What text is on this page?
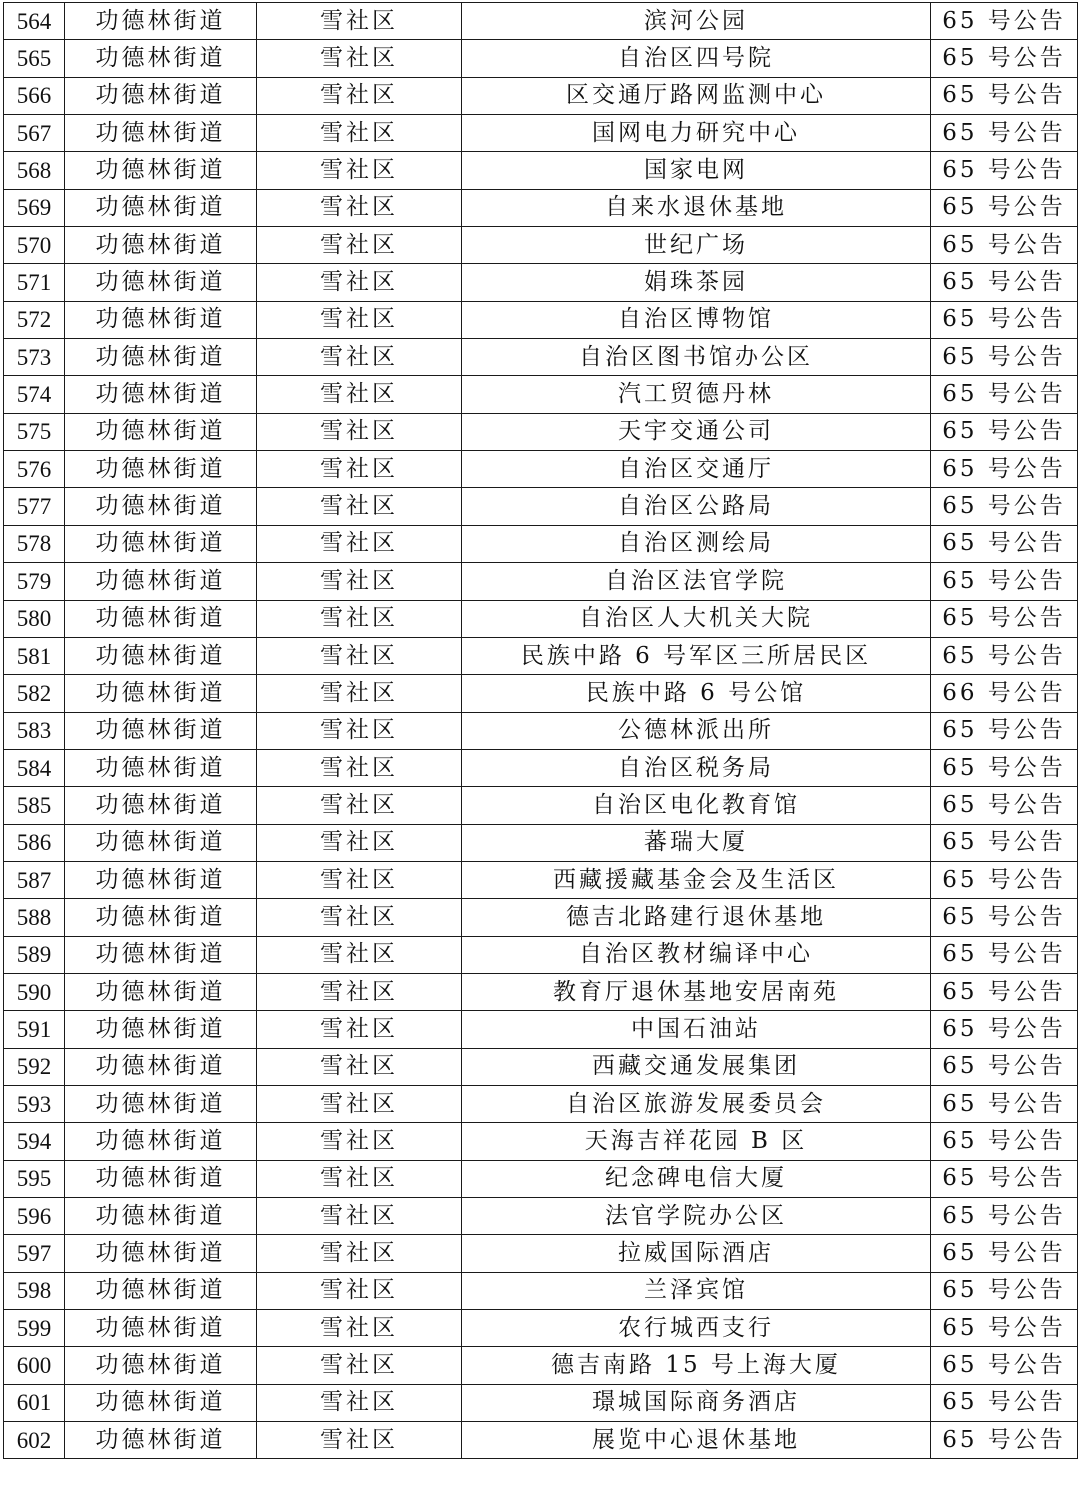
564	功德林街道	雪社区	滨河公园	65 号公告
565	功德林街道	雪社区	自治区四号院	65 号公告
566	功德林街道	雪社区	区交通厅路网监测中心	65 号公告
567	功德林街道	雪社区	国网电力研究中心	65 号公告
568	功德林街道	雪社区	国家电网	65 号公告
569	功德林街道	雪社区	自来水退休基地	65 号公告
570	功德林街道	雪社区	世纪广场	65 号公告
571	功德林街道	雪社区	娟珠茶园	65 号公告
572	功德林街道	雪社区	自治区博物馆	65 号公告
573	功德林街道	雪社区	自治区图书馆办公区	65 号公告
574	功德林街道	雪社区	汽工贸德丹林	65 号公告
575	功德林街道	雪社区	天宇交通公司	65 号公告
576	功德林街道	雪社区	自治区交通厅	65 号公告
577	功德林街道	雪社区	自治区公路局	65 号公告
578	功德林街道	雪社区	自治区测绘局	65 号公告
579	功德林街道	雪社区	自治区法官学院	65 号公告
580	功德林街道	雪社区	自治区人大机关大院	65 号公告
581	功德林街道	雪社区	民族中路 6 号军区三所居民区	65 号公告
582	功德林街道	雪社区	民族中路 6 号公馆	66 号公告
583	功德林街道	雪社区	公德林派出所	65 号公告
584	功德林街道	雪社区	自治区税务局	65 号公告
585	功德林街道	雪社区	自治区电化教育馆	65 号公告
586	功德林街道	雪社区	蕃瑞大厦	65 号公告
587	功德林街道	雪社区	西藏援藏基金会及生活区	65 号公告
588	功德林街道	雪社区	德吉北路建行退休基地	65 号公告
589	功德林街道	雪社区	自治区教材编译中心	65 号公告
590	功德林街道	雪社区	教育厅退休基地安居南苑	65 号公告
591	功德林街道	雪社区	中国石油站	65 号公告
592	功德林街道	雪社区	西藏交通发展集团	65 号公告
593	功德林街道	雪社区	自治区旅游发展委员会	65 号公告
594	功德林街道	雪社区	天海吉祥花园 B 区	65 号公告
595	功德林街道	雪社区	纪念碑电信大厦	65 号公告
596	功德林街道	雪社区	法官学院办公区	65 号公告
597	功德林街道	雪社区	拉威国际酒店	65 号公告
598	功德林街道	雪社区	兰泽宾馆	65 号公告
599	功德林街道	雪社区	农行城西支行	65 号公告
600	功德林街道	雪社区	德吉南路 15 号上海大厦	65 号公告
601	功德林街道	雪社区	璟城国际商务酒店	65 号公告
602	功德林街道	雪社区	展览中心退休基地	65 号公告
